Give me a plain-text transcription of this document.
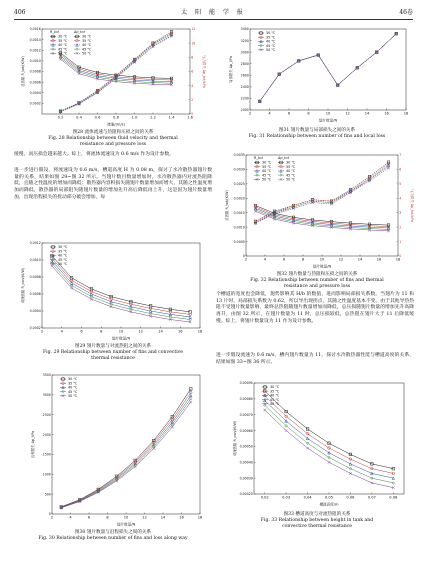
406	太 阳 能 学 报	46卷
0.2	0.4	0.6	0.8	1.0	1.2	1.4	1.6
0.0002
0.0004
0.0006
0.0008
0.0010
0.0012
0.0014
0.0016
流速/(m/s)
总热阻 R_tot/(K/W)
0
2
4
6
8
10
12
压力损失 Δp_tot/kPa
R_tot
30 ℃
35 ℃
40 ℃
45 ℃
50 ℃
Δp_tot
30 ℃
35 ℃
40 ℃
45 ℃
50 ℃
图28 流体流速与热阻和压损之间的关系
Fig. 28 Relationship between fluid velocity and thermal
resistance and pressure loss

缓慢，而压损会越来越大。综上，将流体流速设为 0.6 m/s 作为设计参数。

进一步进行假设，将流速设为 0.6 m/s，槽道高度 H 为 0.08 m，探讨了水冷散热器翅片数量的关系，结果如图 29~图 32 所示。当翅片数目数量增加时，水冷散热器内对流热阻降低，且随之性温度的增加而降低；散热器内容积损失随翅片数量增加而增大，其随之性温度增加而降低，散热器的局部阻失随翅片数量的增加先升高后降低再上升，这是因为翅片数量增加，出现沿程损失的扰动部分破会增加，每

2	4	6	8	10	12	14	16	18
0.0002
0.0004
0.0006
0.0008
0.0010
0.0012
翅片数量/N
对流热阻 R_con/(K/W)
30 ℃
35 ℃
40 ℃
45 ℃
50 ℃
图29 翅片数量与对流热阻之间的关系
Fig. 29 Relationship between number of fins and convective
thermal resistance
2	4	6	8	10	12	14	16	18
0
500
1000
1500
2000
2500
3000
3500
翅片数量/N
沿程损失 Δp_f/Pa
30 ℃
35 ℃
40 ℃
45 ℃
50 ℃
图30 翅片数量与沿程损失之间的关系
Fig. 30 Relationship between number of fins and loss along way
2	4	6	8	10	12	14	16	18
2000
2200
2400
2600
2800
3000
3200
3400
翅片数量/N
局部损失 Δp_l/Pa
30 ℃
35 ℃
40 ℃
45 ℃
50 ℃
图31 翅片数量与局部损失之间的关系
Fig. 31 Relationship between number of fins and local loss
2	4	6	8	10	12	14	16	18
0
0.0005
0.0010
0.0015
0.0020
0.0025
0.0030
0.0035
翅片数量/N
总热阻 R_tot/(K/W)
0
1
2
3
4
5
6
7
压力损失 Δp_tot/kPa
R_tot
30 ℃
35 ℃
40 ℃
45 ℃
50 ℃
Δp_tot
30 ℃
35 ℃
40 ℃
45 ℃
50 ℃
图32 翅片数量与热阻和压损之间的关系
Fig. 32 Relationship between number of fins and thermal
resistance and pressure loss

个槽道的宽度也会降低，翅势影响其 H/b 的数值，进而影响局部损失系数。当翅片为 11 和 13 片时，局部损失系数为 0.62，所以导出现拐点，其随之性温度基本不变。由于其他导热热阻不受翅片数量影响，最终总热阻随翅片数量增加而降低，总压损随翅片数量的增加先升高降再升，由图 32 所示，在翅片数量为 11 时，总压损较低，总热阻在翅片大于 11 后降低缓慢。综上，将翅片数量设为 11 作为设计参数。

进一步假设流速为 0.6 m/s，槽内翅片数量为 11，探讨水冷散热器性能与槽道高度的关系，结果如图 33~图 36 所示。

0.02	0.03	0.04	0.05	0.06	0.07	0.08
0.00020
0.00030
0.00040
0.00050
0.00060
0.00070
0.00080
0.00090
槽道高度/m
对流热阻 R_con/(K/W)
30 ℃
35 ℃
40 ℃
45 ℃
50 ℃
图33 槽道高度与对流热阻的关系
Fig. 33 Relationship between height in tank and
convective thermal resistance
